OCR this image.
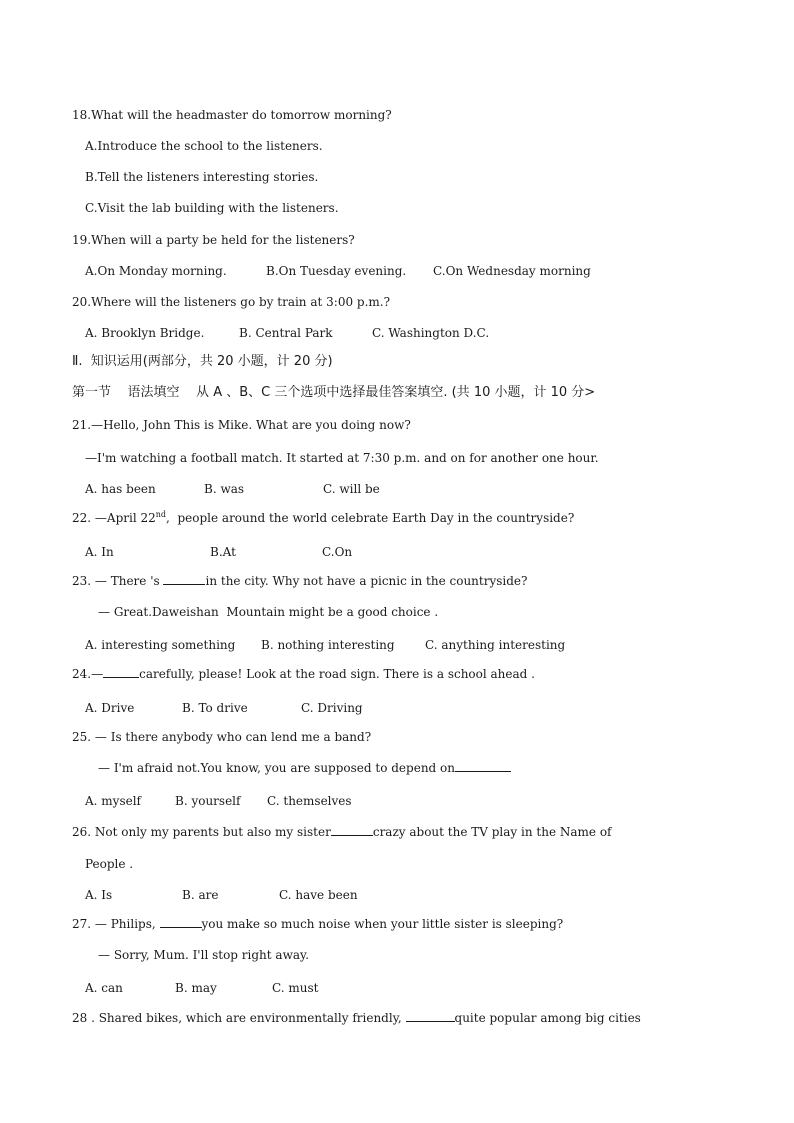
18.What will the headmaster do tomorrow morning?
A.Introduce the school to the listeners.
B.Tell the listeners interesting stories.
C.Visit the lab building with the listeners.
19.When will a party be held for the listeners?
A.On Monday morning.	B.On Tuesday evening. C.On Wednesday morning
20.Where will the listeners go by train at 3:00 p.m.?
A. Brooklyn Bridge.	B. Central Park	C. Washington D.C.
Ⅱ.  知识运用(两部分，共 20 小题，计 20 分)
第一节    语法填空    从 A 、B、C 三个选项中选择最佳答案填空. (共 10 小题，计 10 分>
21.—Hello, John This is Mike. What are you doing now?
—I'm watching a football match. It started at 7:30 p.m. and on for another one hour.
A. has been	B. was	C. will be
22. —April 22nd,  people around the world celebrate Earth Day in the countryside?
A. In	B.At	C.On
23. — There 's	in the city. Why not have a picnic in the countryside?
— Great.Daweishan  Mountain might be a good choice .
A. interesting something B. nothing interesting	C. anything interesting
24.—	carefully, please! Look at the road sign. There is a school ahead .
A. Drive	B. To drive	C. Driving
25. — Is there anybody who can lend me a band?
— I'm afraid not.You know, you are supposed to depend on
A. myself	B. yourself C. themselves
26. Not only my parents but also my sister	crazy about the TV play in the Name of
People .
A. Is	B. are	C. have been
27. — Philips,	you make so much noise when your little sister is sleeping?
— Sorry, Mum. I'll stop right away.
A. can	B. may	C. must
28 . Shared bikes, which are environmentally friendly,	quite popular among big cities
